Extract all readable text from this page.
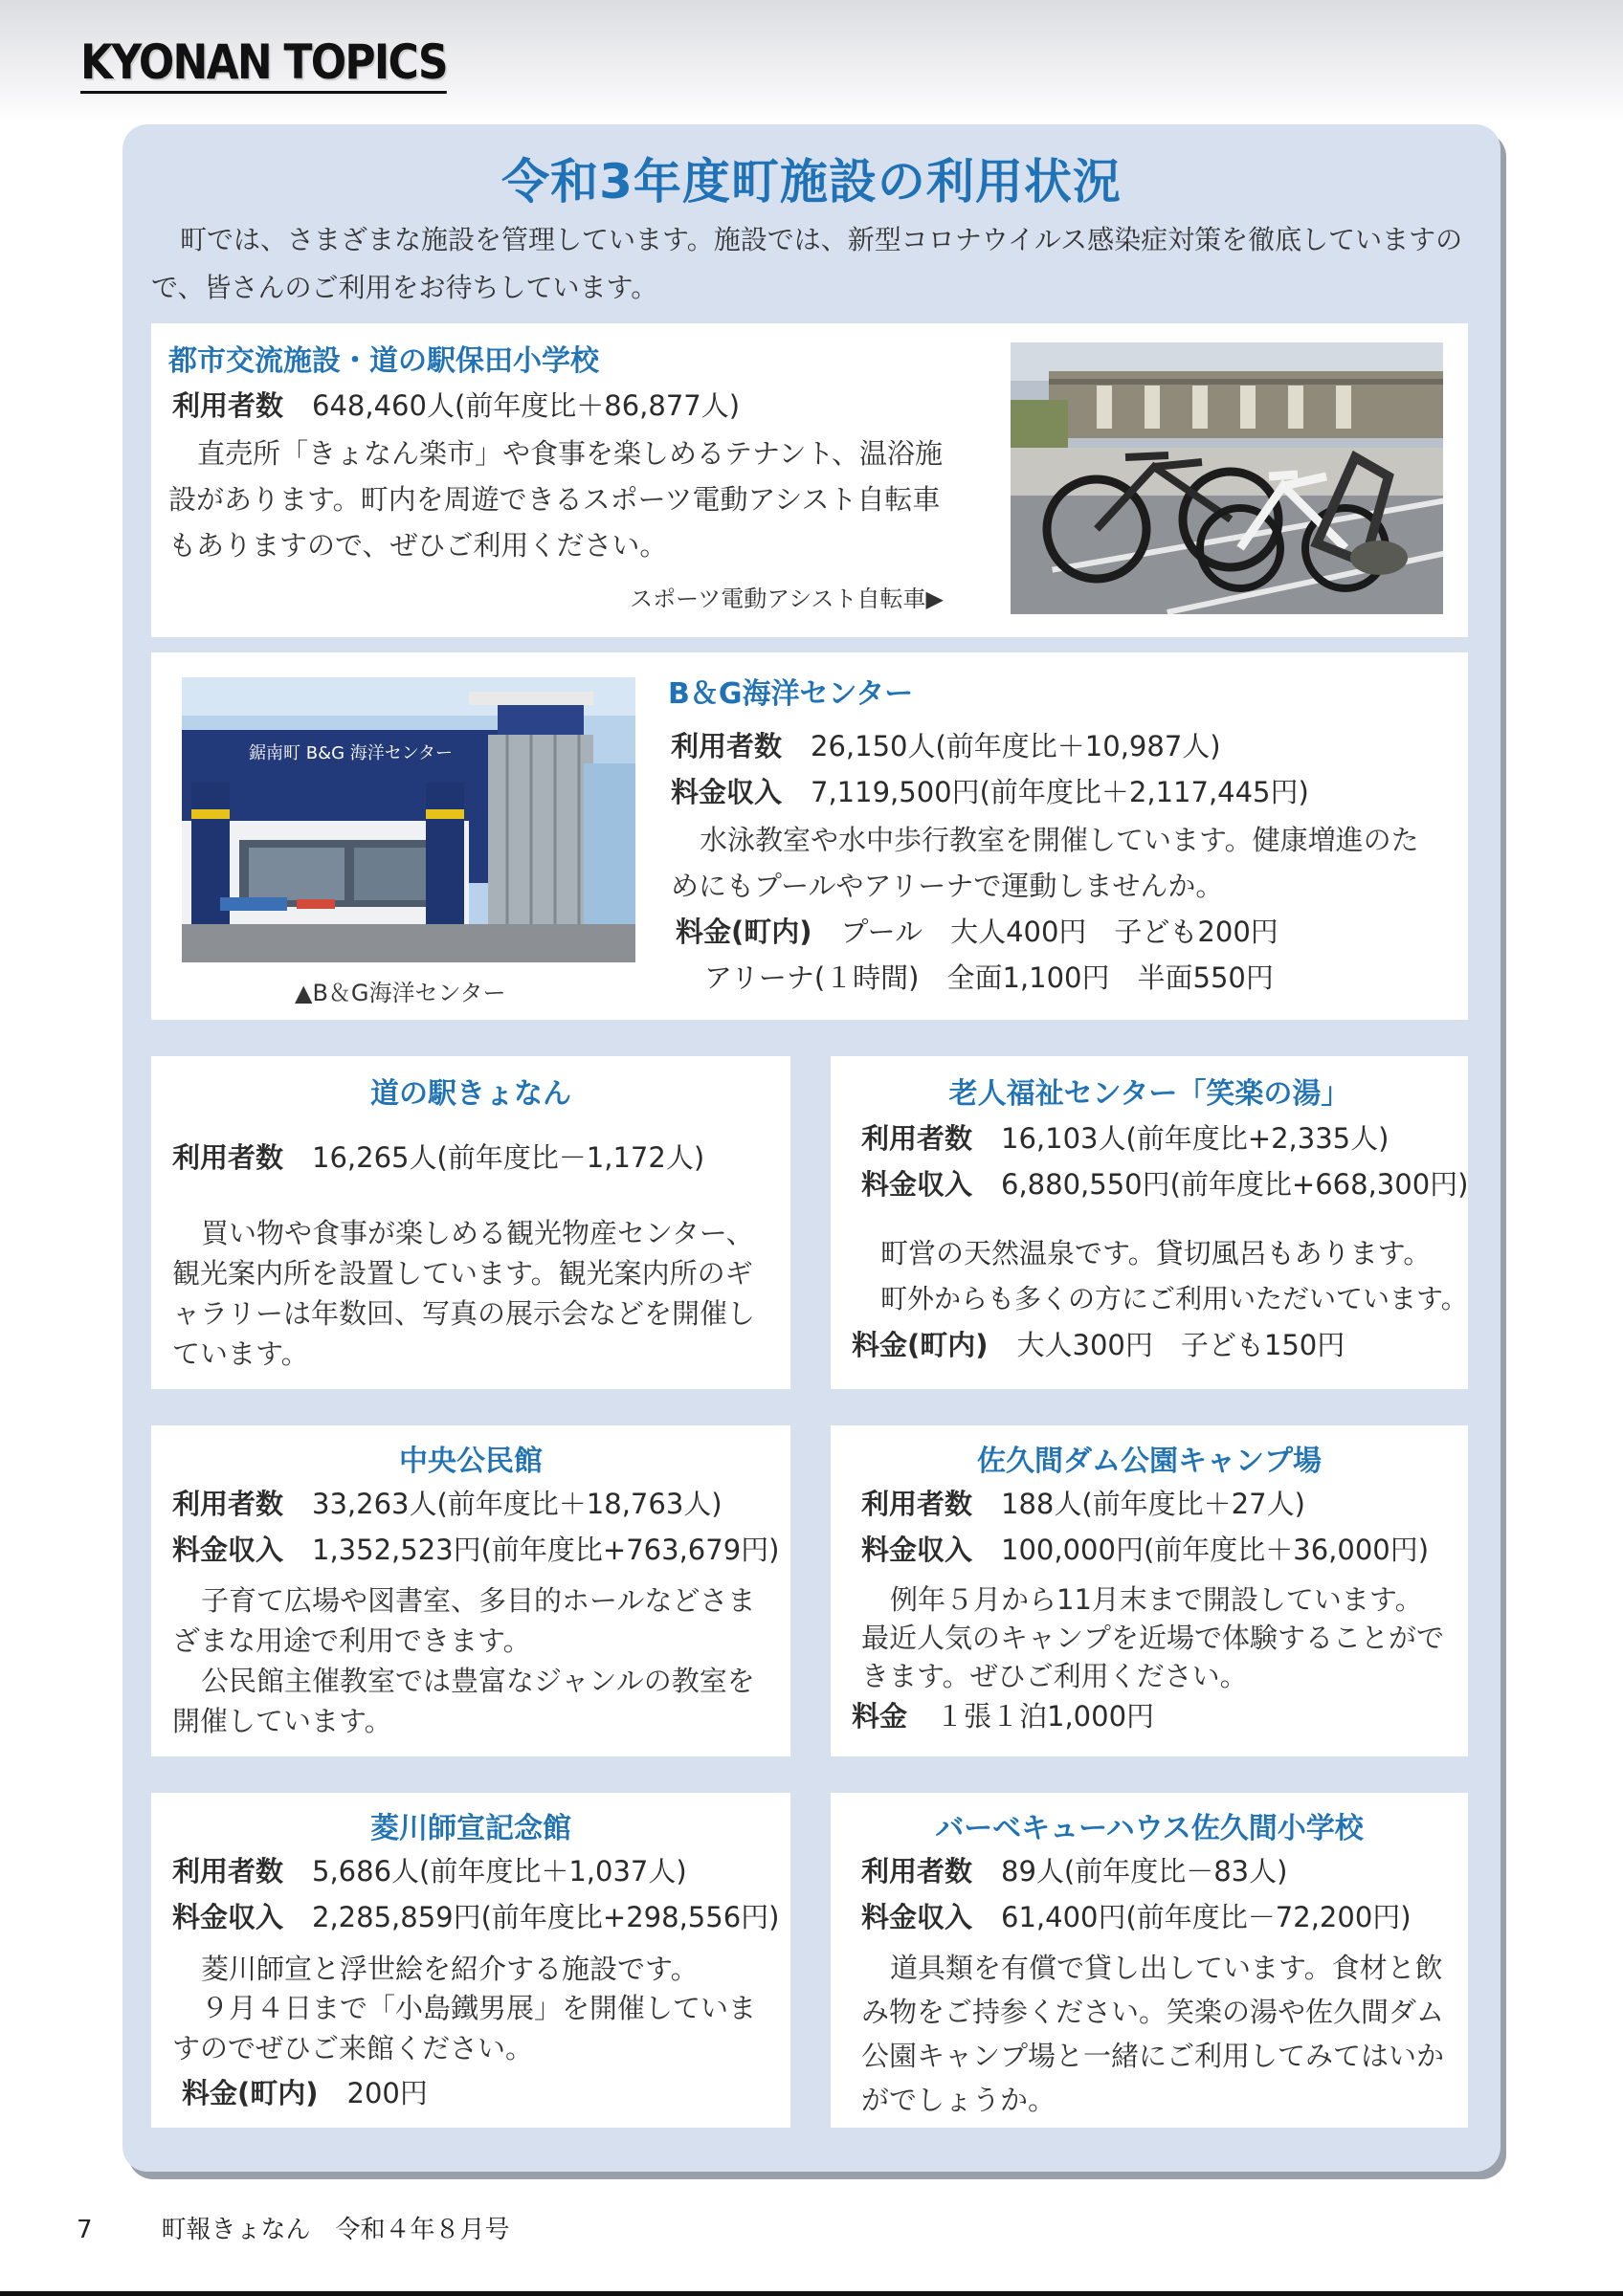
KYONAN TOPICS
令和3年度町施設の利用状況
町では、さまざまな施設を管理しています。施設では、新型コロナウイルス感染症対策を徹底していますので、皆さんのご利用をお待ちしています。
都市交流施設・道の駅保田小学校
利用者数 648,460人(前年度比＋86,877人)
直売所「きょなん楽市」や食事を楽しめるテナント、温浴施設があります。町内を周遊できるスポーツ電動アシスト自転車もありますので、ぜひご利用ください。
スポーツ電動アシスト自転車▶
鋸南町 B&G 海洋センター
▲B＆G海洋センター
B＆G海洋センター
利用者数 26,150人(前年度比＋10,987人)
料金収入 7,119,500円(前年度比＋2,117,445円)
水泳教室や水中歩行教室を開催しています。健康増進のためにもプールやアリーナで運動しませんか。
料金(町内) プール　大人400円　子ども200円
アリーナ(１時間)　全面1,100円　半面550円
道の駅きょなん
利用者数 16,265人(前年度比－1,172人)
買い物や食事が楽しめる観光物産センター、観光案内所を設置しています。観光案内所のギャラリーは年数回、写真の展示会などを開催しています。
老人福祉センター「笑楽の湯」
利用者数 16,103人(前年度比+2,335人)
料金収入 6,880,550円(前年度比+668,300円)
町営の天然温泉です。貸切風呂もあります。
町外からも多くの方にご利用いただいています。
料金(町内) 大人300円　子ども150円
中央公民館
利用者数 33,263人(前年度比＋18,763人)
料金収入 1,352,523円(前年度比+763,679円)
子育て広場や図書室、多目的ホールなどさまざまな用途で利用できます。
公民館主催教室では豊富なジャンルの教室を開催しています。
佐久間ダム公園キャンプ場
利用者数 188人(前年度比＋27人)
料金収入 100,000円(前年度比＋36,000円)
例年５月から11月末まで開設しています。最近人気のキャンプを近場で体験することができます。ぜひご利用ください。
料金 １張１泊1,000円
菱川師宣記念館
利用者数 5,686人(前年度比＋1,037人)
料金収入 2,285,859円(前年度比+298,556円)
菱川師宣と浮世絵を紹介する施設です。
９月４日まで「小島鐵男展」を開催していますのでぜひご来館ください。
料金(町内) 200円
バーベキューハウス佐久間小学校
利用者数 89人(前年度比－83人)
料金収入 61,400円(前年度比－72,200円)
道具類を有償で貸し出しています。食材と飲み物をご持参ください。笑楽の湯や佐久間ダム公園キャンプ場と一緒にご利用してみてはいかがでしょうか。
7	町報きょなん　令和４年８月号
